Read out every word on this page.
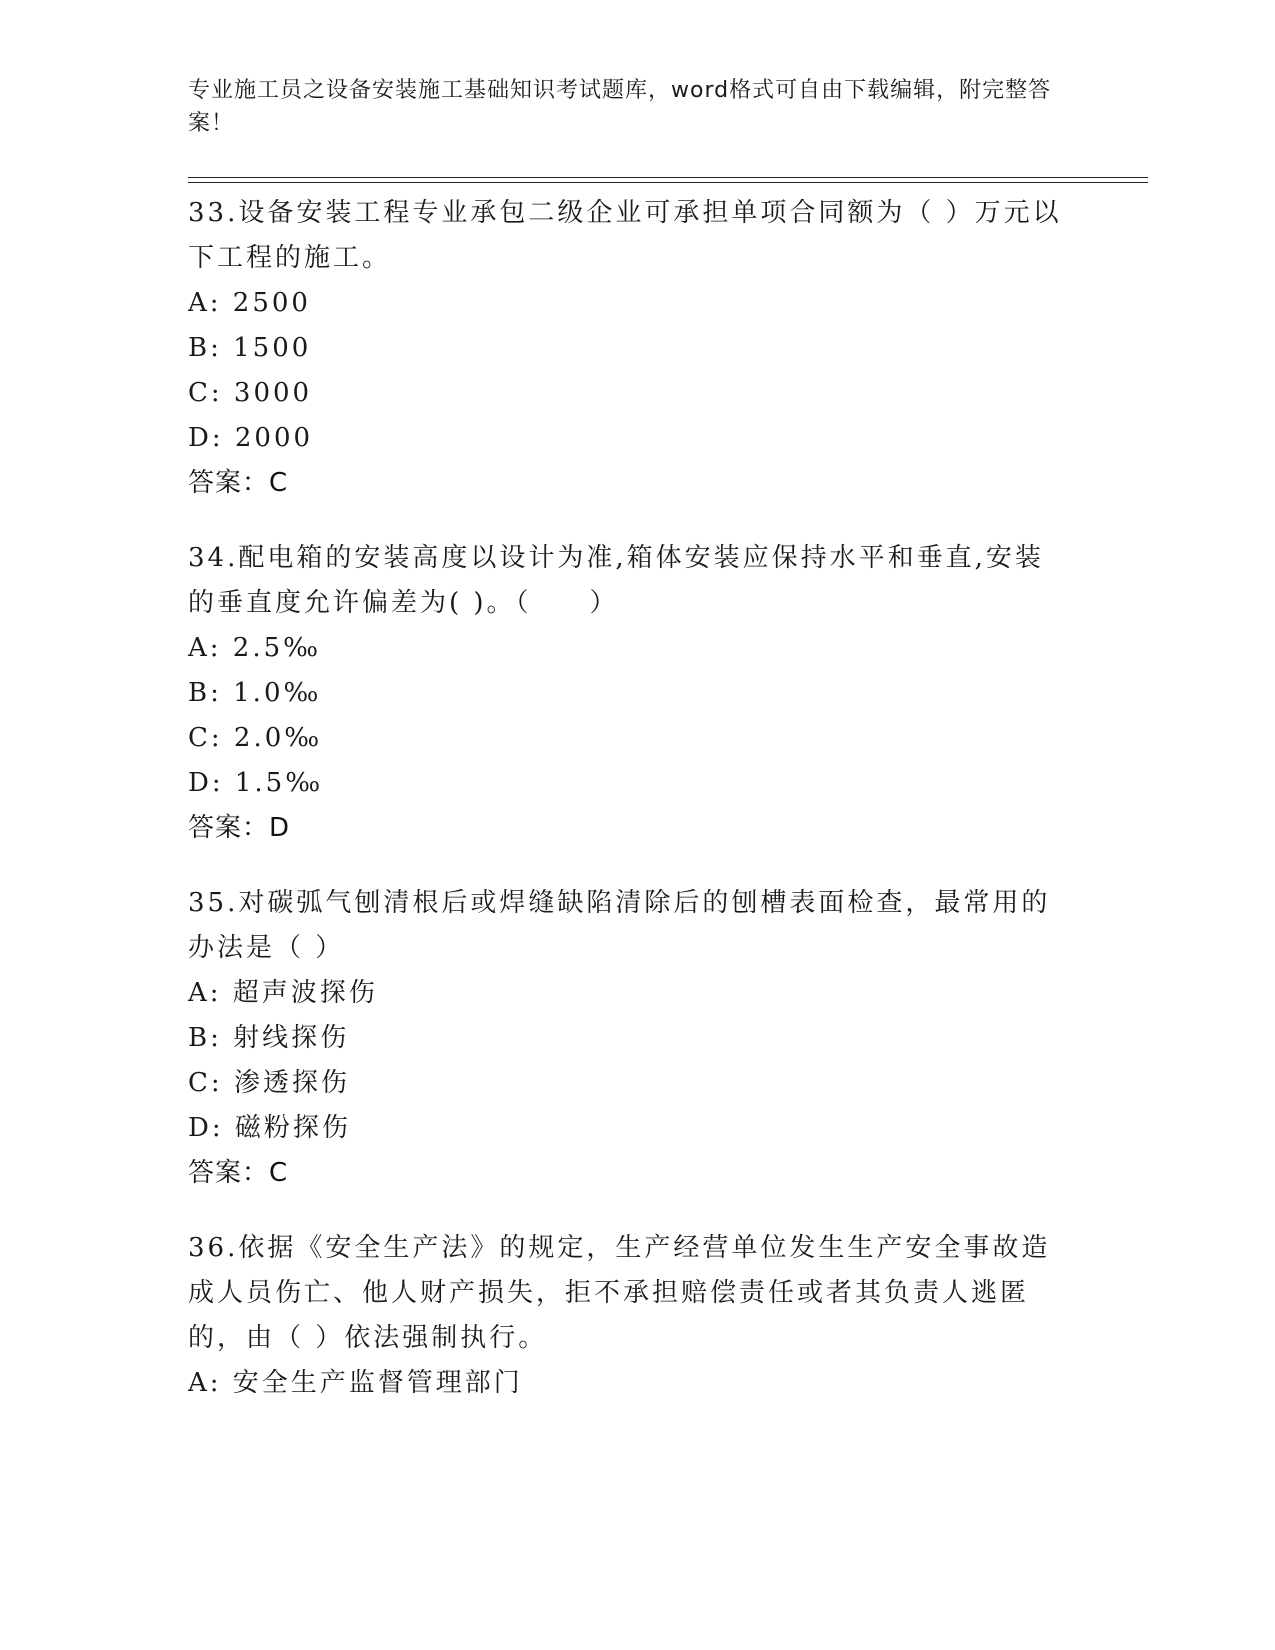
专业施工员之设备安装施工基础知识考试题库，word格式可自由下载编辑，附完整答案！
33.设备安装工程专业承包二级企业可承担单项合同额为（ ）万元以下工程的施工。
A: 2500
B: 1500
C: 3000
D: 2000
答案：C
34.配电箱的安装高度以设计为准,箱体安装应保持水平和垂直,安装的垂直度允许偏差为( )。（　　）
A: 2.5‰
B: 1.0‰
C: 2.0‰
D: 1.5‰
答案：D
35.对碳弧气刨清根后或焊缝缺陷清除后的刨槽表面检查，最常用的办法是（ ）
A: 超声波探伤
B: 射线探伤
C: 渗透探伤
D: 磁粉探伤
答案：C
36.依据《安全生产法》的规定，生产经营单位发生生产安全事故造成人员伤亡、他人财产损失，拒不承担赔偿责任或者其负责人逃匿的，由（ ）依法强制执行。
A: 安全生产监督管理部门
